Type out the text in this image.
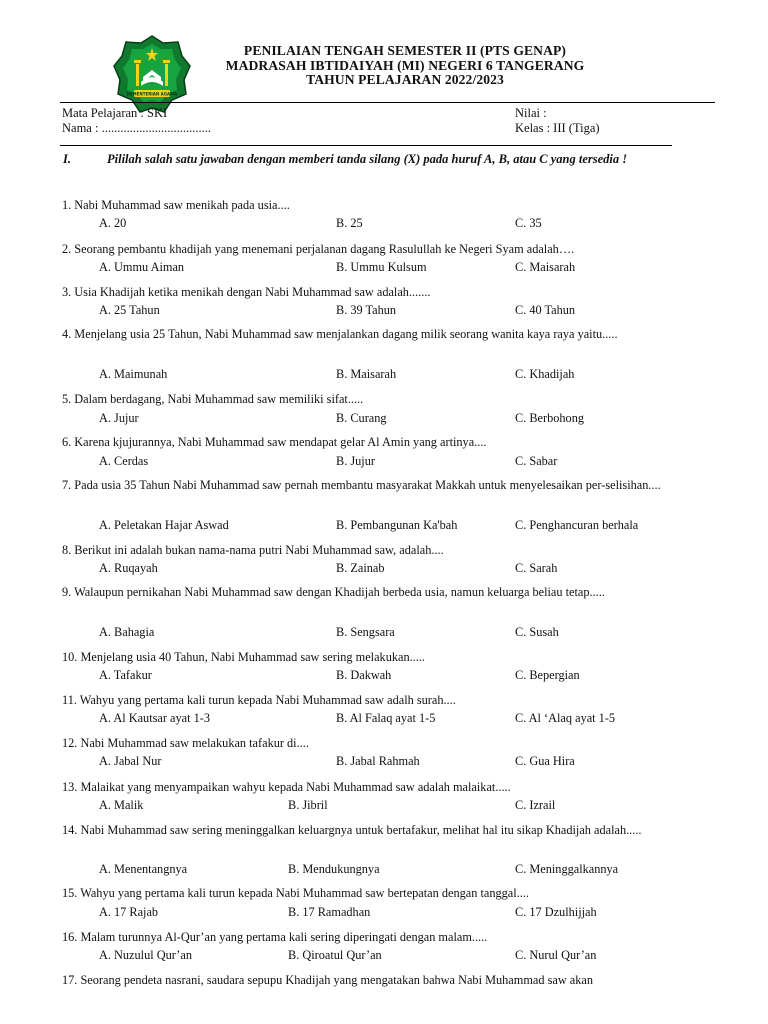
KEMENTERIAN AGAMA
PENILAIAN TENGAH SEMESTER II (PTS GENAP)
MADRASAH IBTIDAIYAH (MI) NEGERI 6 TANGERANG
TAHUN PELAJARAN 2022/2023
Mata Pelajaran : SKI
Nama : ...................................
Nilai :
Kelas : III (Tiga)
I.	Pililah salah satu jawaban dengan memberi tanda silang (X) pada huruf A, B, atau C yang tersedia !
1. Nabi Muhammad saw menikah pada usia....
A. 20	B. 25	C. 35
2. Seorang pembantu khadijah yang menemani perjalanan dagang Rasulullah ke Negeri Syam adalah….
A. Ummu Aiman	B. Ummu Kulsum	C. Maisarah
3. Usia Khadijah ketika menikah dengan Nabi Muhammad saw adalah.......
A. 25 Tahun	B. 39 Tahun	C. 40 Tahun
4. Menjelang usia 25 Tahun, Nabi Muhammad saw menjalankan dagang milik seorang wanita kaya raya yaitu.....
A. Maimunah	B. Maisarah	C. Khadijah
5. Dalam berdagang, Nabi Muhammad saw memiliki sifat.....
A. Jujur	B. Curang	C. Berbohong
6. Karena kjujurannya, Nabi Muhammad saw mendapat gelar Al Amin yang artinya....
A. Cerdas	B. Jujur	C. Sabar
7. Pada usia 35 Tahun Nabi Muhammad saw pernah membantu masyarakat Makkah untuk menyelesaikan per-selisihan....
A. Peletakan Hajar Aswad	B. Pembangunan Ka'bah	C. Penghancuran berhala
8. Berikut ini adalah bukan nama-nama putri Nabi Muhammad saw, adalah....
A. Ruqayah	B. Zainab	C. Sarah
9. Walaupun pernikahan Nabi Muhammad saw dengan Khadijah berbeda usia, namun keluarga beliau tetap.....
A. Bahagia	B. Sengsara	C. Susah
10. Menjelang usia 40 Tahun, Nabi Muhammad saw sering melakukan.....
A. Tafakur	B. Dakwah	C. Bepergian
11. Wahyu yang pertama kali turun kepada Nabi Muhammad saw adalh surah....
A. Al Kautsar ayat 1-3	B. Al Falaq ayat 1-5	C. Al ‘Alaq ayat 1-5
12. Nabi Muhammad saw melakukan tafakur di....
A. Jabal Nur	B. Jabal Rahmah	C. Gua Hira
13. Malaikat yang menyampaikan wahyu kepada Nabi Muhammad saw adalah malaikat.....
A. Malik	B. Jibril	C. Izrail
14. Nabi Muhammad saw sering meninggalkan keluargnya untuk bertafakur, melihat hal itu sikap Khadijah adalah.....
A. Menentangnya	B. Mendukungnya	C. Meninggalkannya
15. Wahyu yang pertama kali turun kepada Nabi Muhammad saw bertepatan dengan tanggal....
A. 17 Rajab	B. 17 Ramadhan	C. 17 Dzulhijjah
16. Malam turunnya Al-Qur’an yang pertama kali sering diperingati dengan malam.....
A. Nuzulul Qur’an	B. Qiroatul Qur’an	C. Nurul Qur’an
17. Seorang pendeta nasrani, saudara sepupu Khadijah yang mengatakan bahwa Nabi Muhammad saw akan
